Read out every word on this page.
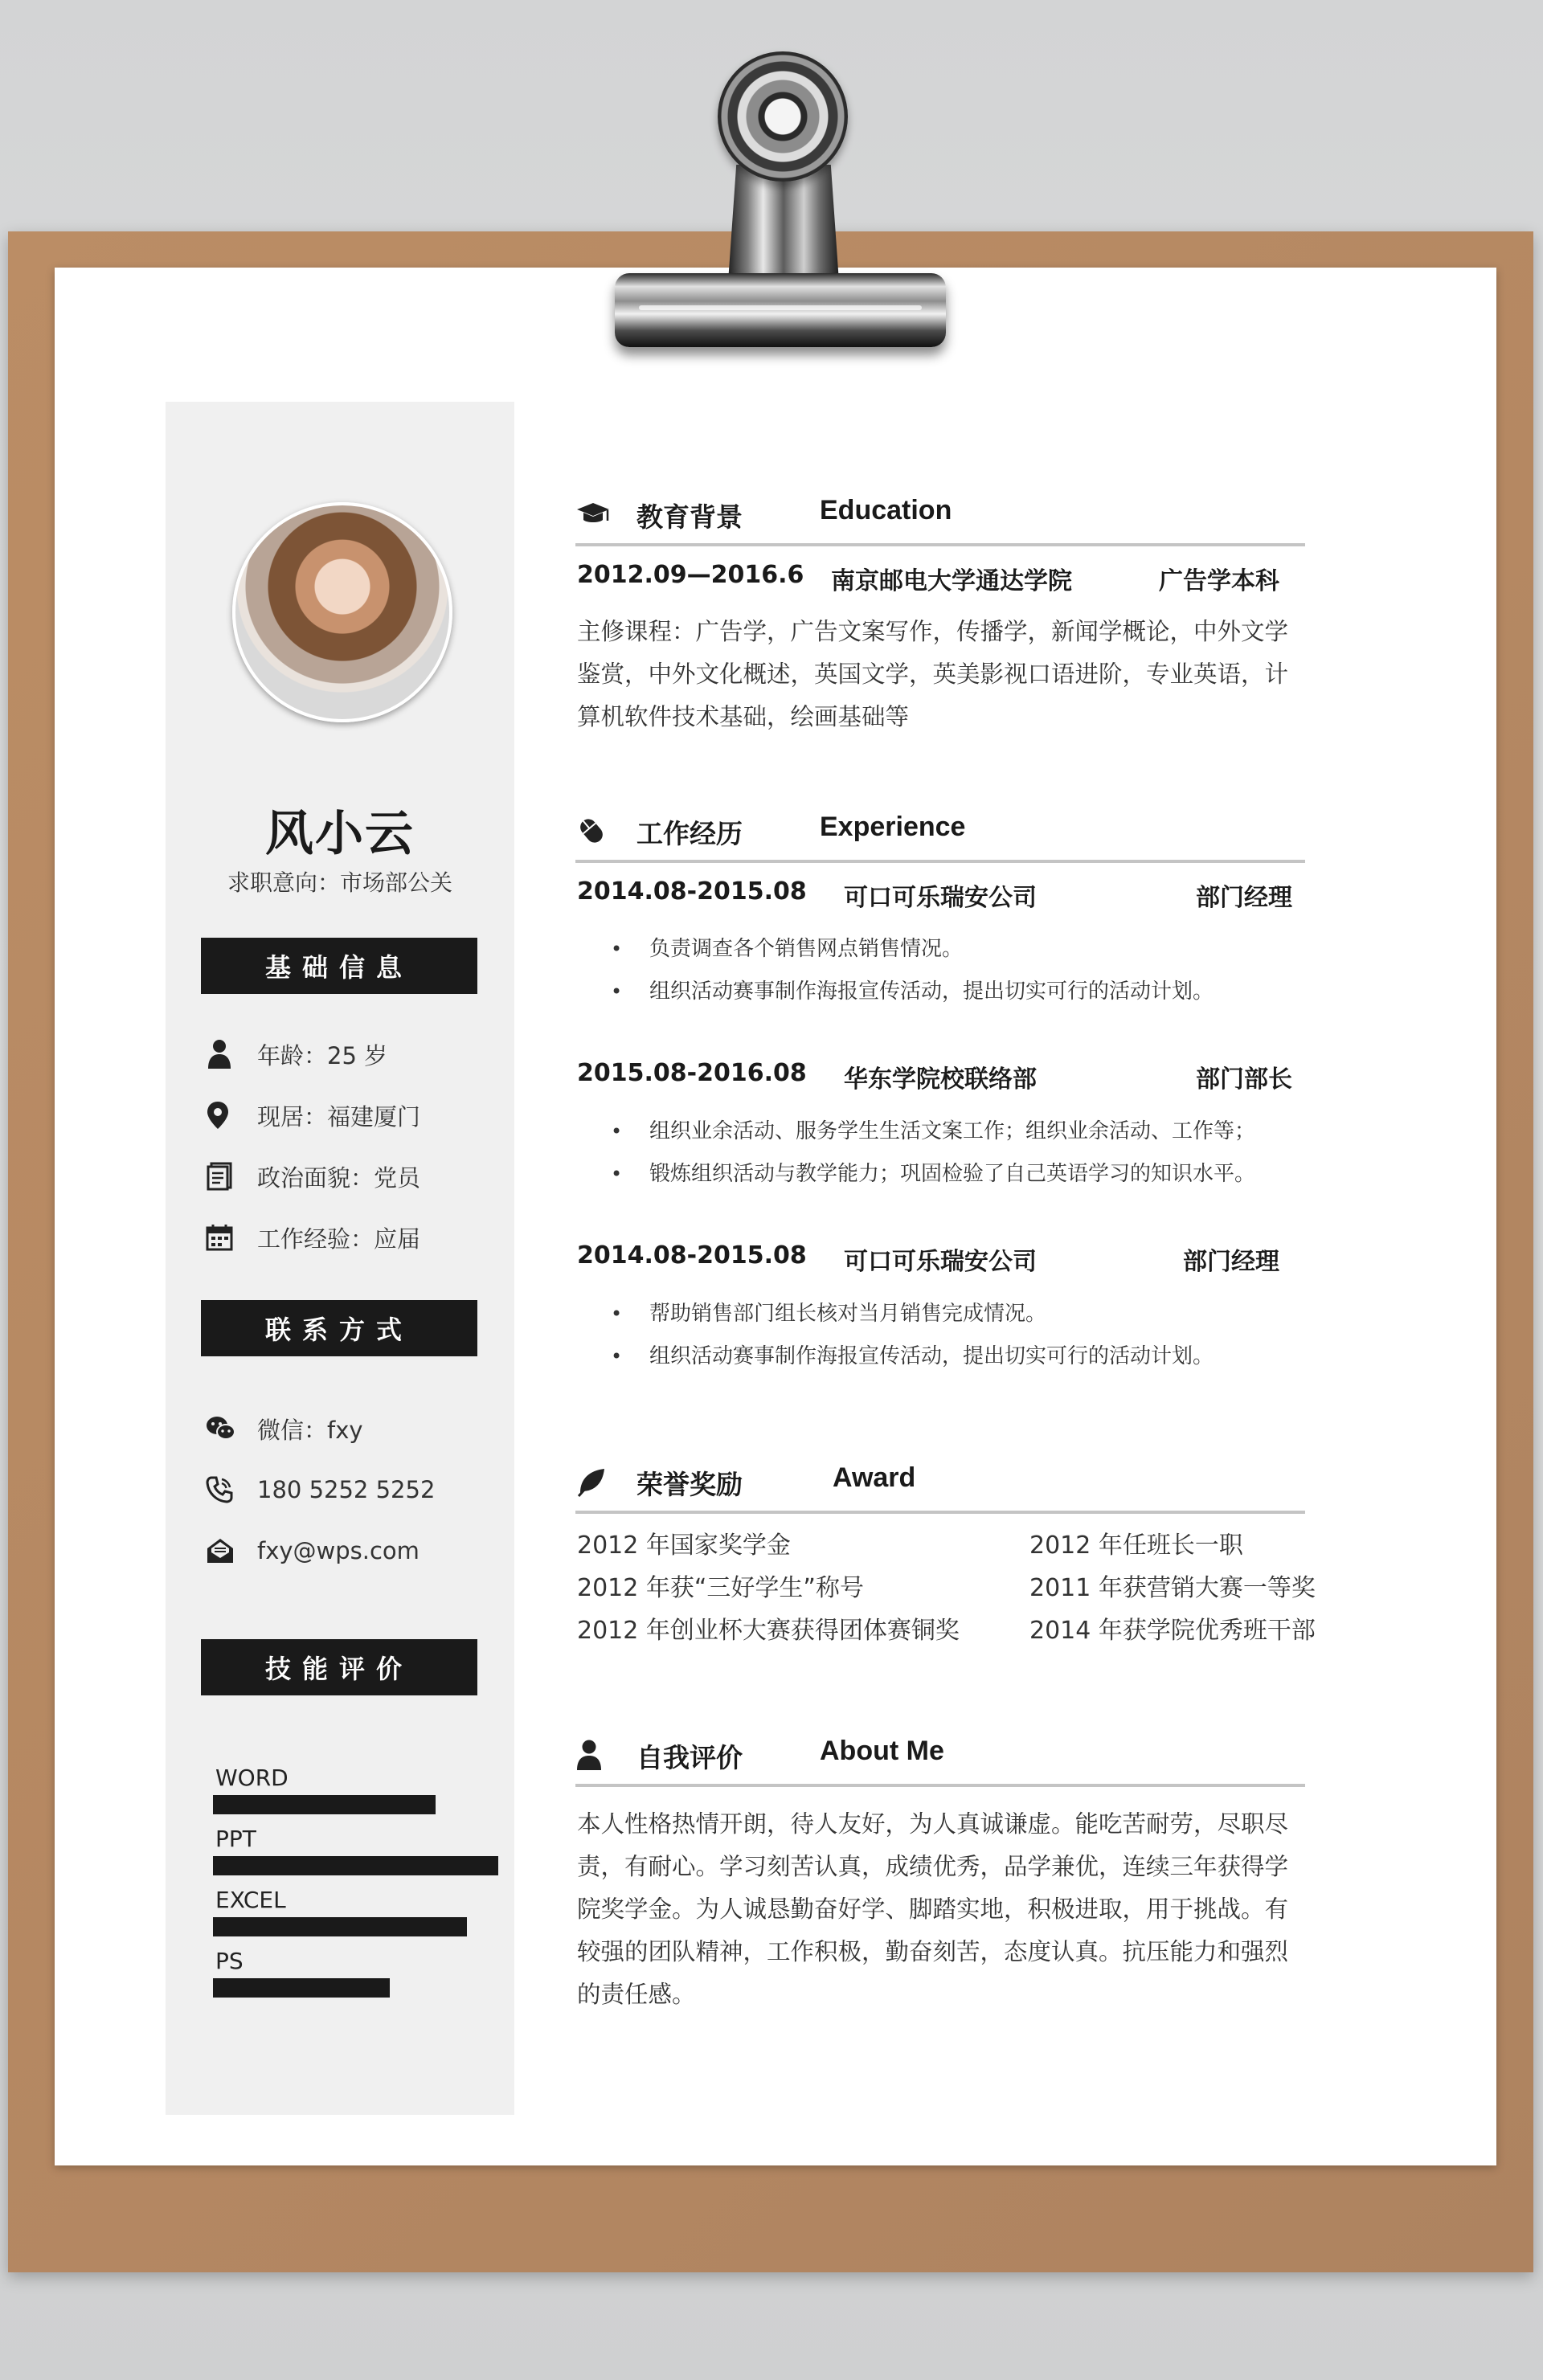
风小云
求职意向：市场部公关
基础信息
年龄：25 岁
现居：福建厦门
政治面貌：党员
工作经验：应届
联系方式
微信：fxy
180 5252 5252
fxy@wps.com
技能评价
WORD
PPT
EXCEL
PS
教育背景	Education
2012.09—2016.6 南京邮电大学通达学院	广告学本科
主修课程：广告学，广告文案写作，传播学，新闻学概论，中外文学鉴赏，中外文化概述，英国文学，英美影视口语进阶，专业英语，计算机软件技术基础，绘画基础等
工作经历	Experience
2014.08-2015.08 可口可乐瑞安公司	部门经理
• 负责调查各个销售网点销售情况。
• 组织活动赛事制作海报宣传活动，提出切实可行的活动计划。
2015.08-2016.08 华东学院校联络部	部门部长
• 组织业余活动、服务学生生活文案工作；组织业余活动、工作等；
• 锻炼组织活动与教学能力；巩固检验了自己英语学习的知识水平。
2014.08-2015.08 可口可乐瑞安公司	部门经理
• 帮助销售部门组长核对当月销售完成情况。
• 组织活动赛事制作海报宣传活动，提出切实可行的活动计划。
荣誉奖励	Award
2012 年国家奖学金	2012 年任班长一职
2012 年获“三好学生”称号	2011 年获营销大赛一等奖
2012 年创业杯大赛获得团体赛铜奖	2014 年获学院优秀班干部
自我评价	About Me
本人性格热情开朗，待人友好，为人真诚谦虚。能吃苦耐劳，尽职尽责，有耐心。学习刻苦认真，成绩优秀，品学兼优，连续三年获得学院奖学金。为人诚恳勤奋好学、脚踏实地，积极进取，用于挑战。有较强的团队精神，工作积极，勤奋刻苦，态度认真。抗压能力和强烈的责任感。
